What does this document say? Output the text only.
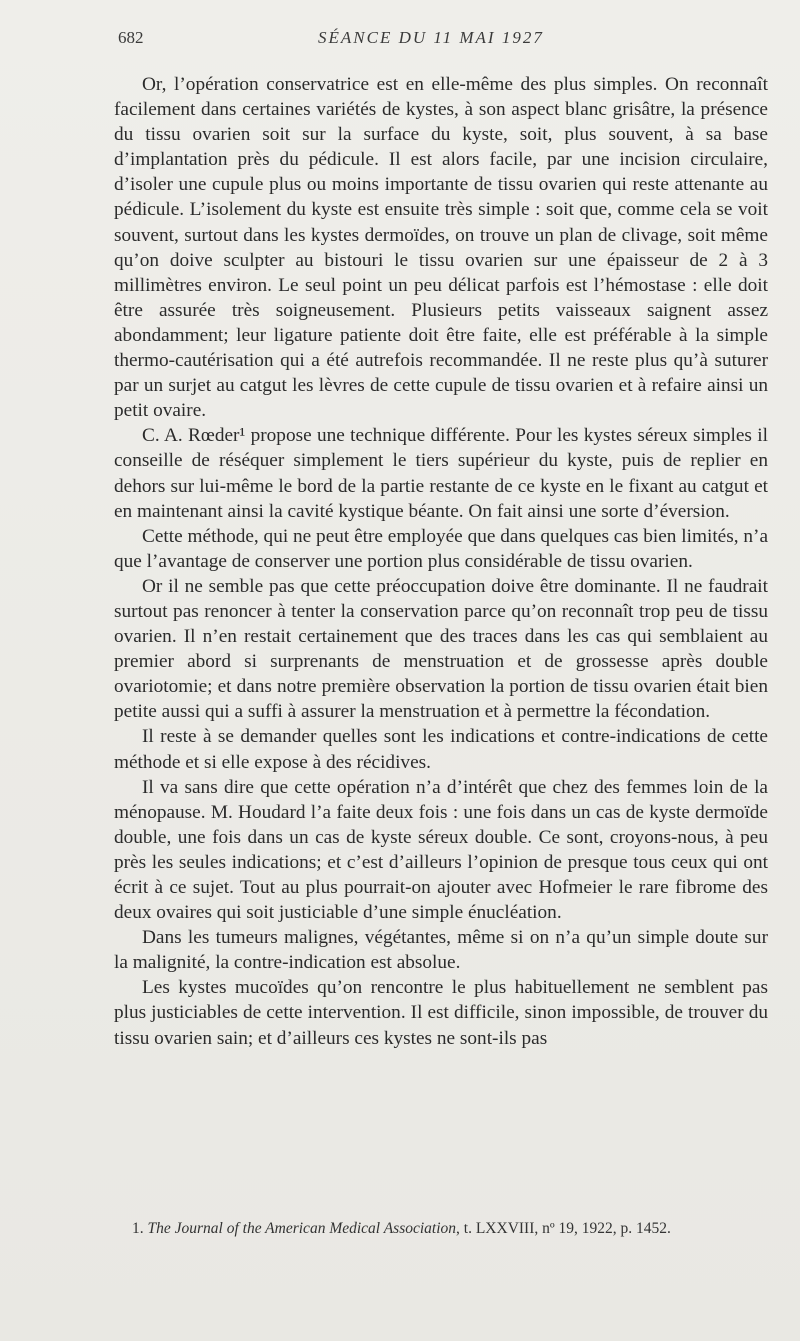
682	SÉANCE DU 11 MAI 1927

Or, l’opération conservatrice est en elle-même des plus simples. On reconnaît facilement dans certaines variétés de kystes, à son aspect blanc grisâtre, la présence du tissu ovarien soit sur la surface du kyste, soit, plus souvent, à sa base d’implantation près du pédicule. Il est alors facile, par une incision circulaire, d’isoler une cupule plus ou moins importante de tissu ovarien qui reste attenante au pédicule. L’isolement du kyste est ensuite très simple : soit que, comme cela se voit souvent, surtout dans les kystes dermoïdes, on trouve un plan de clivage, soit même qu’on doive sculpter au bistouri le tissu ovarien sur une épaisseur de 2 à 3 millimètres environ. Le seul point un peu délicat parfois est l’hémostase : elle doit être assurée très soigneusement. Plusieurs petits vaisseaux saignent assez abondamment; leur ligature patiente doit être faite, elle est préférable à la simple thermo-cautérisation qui a été autrefois recommandée. Il ne reste plus qu’à suturer par un surjet au catgut les lèvres de cette cupule de tissu ovarien et à refaire ainsi un petit ovaire.

C. A. Rœder¹ propose une technique différente. Pour les kystes séreux simples il conseille de réséquer simplement le tiers supérieur du kyste, puis de replier en dehors sur lui-même le bord de la partie restante de ce kyste en le fixant au catgut et en maintenant ainsi la cavité kystique béante. On fait ainsi une sorte d’éversion.

Cette méthode, qui ne peut être employée que dans quelques cas bien limités, n’a que l’avantage de conserver une portion plus considérable de tissu ovarien.

Or il ne semble pas que cette préoccupation doive être dominante. Il ne faudrait surtout pas renoncer à tenter la conservation parce qu’on reconnaît trop peu de tissu ovarien. Il n’en restait certainement que des traces dans les cas qui semblaient au premier abord si surprenants de menstruation et de grossesse après double ovariotomie; et dans notre première observation la portion de tissu ovarien était bien petite aussi qui a suffi à assurer la menstruation et à permettre la fécondation.

Il reste à se demander quelles sont les indications et contre-indications de cette méthode et si elle expose à des récidives.

Il va sans dire que cette opération n’a d’intérêt que chez des femmes loin de la ménopause. M. Houdard l’a faite deux fois : une fois dans un cas de kyste dermoïde double, une fois dans un cas de kyste séreux double. Ce sont, croyons-nous, à peu près les seules indications; et c’est d’ailleurs l’opinion de presque tous ceux qui ont écrit à ce sujet. Tout au plus pourrait-on ajouter avec Hofmeier le rare fibrome des deux ovaires qui soit justiciable d’une simple énucléation.

Dans les tumeurs malignes, végétantes, même si on n’a qu’un simple doute sur la malignité, la contre-indication est absolue.

Les kystes mucoïdes qu’on rencontre le plus habituellement ne semblent pas plus justiciables de cette intervention. Il est difficile, sinon impossible, de trouver du tissu ovarien sain; et d’ailleurs ces kystes ne sont-ils pas

1. The Journal of the American Medical Association, t. LXXVIII, nº 19, 1922, p. 1452.
